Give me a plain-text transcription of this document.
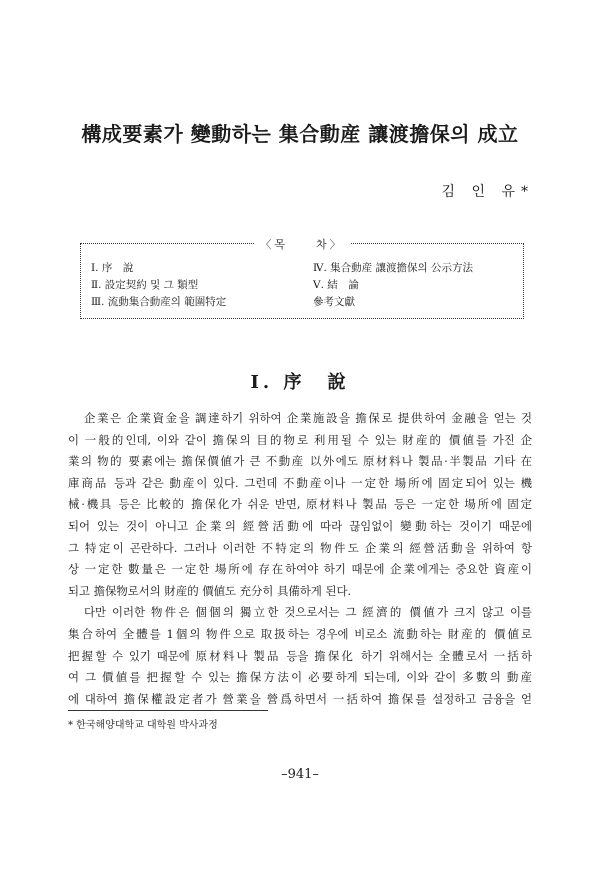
構成要素가 變動하는 集合動産 讓渡擔保의 成立
김 인 유*
〈목　　차〉
Ⅰ. 序　說
Ⅱ. 設定契約 및 그 類型
Ⅲ. 流動集合動産의 範圍特定
Ⅳ. 集合動産 讓渡擔保의 公示方法
Ⅴ. 結　論
參考文獻
Ⅰ. 序　說
企業은 企業資金을 調達하기 위하여 企業施設을 擔保로 提供하여 金融을 얻는 것
이 一般的인데, 이와 같이 擔保의 目的物로 利用될 수 있는 財産的 價値를 가진 企
業의 物的 要素에는 擔保價値가 큰 不動産 以外에도 原材料나 製品·半製品 기타 在
庫商品 등과 같은 動産이 있다. 그런데 不動産이나 一定한 場所에 固定되어 있는 機
械·機具 등은 比較的 擔保化가 쉬운 반면, 原材料나 製品 등은 一定한 場所에 固定
되어 있는 것이 아니고 企業의 經營活動에 따라 끊임없이 變動하는 것이기 때문에
그 特定이 곤란하다. 그러나 이러한 不特定의 物件도 企業의 經營活動을 위하여 항
상 一定한 數量은 一定한 場所에 存在하여야 하기 때문에 企業에게는 중요한 資産이
되고 擔保物로서의 財産的 價値도 充分히 具備하게 된다.
다만 이러한 物件은 個個의 獨立한 것으로서는 그 經濟的 價値가 크지 않고 이를
集合하여 全體를 1個의 物件으로 取扱하는 경우에 비로소 流動하는 財産的 價値로
把握할 수 있기 때문에 原材料나 製品 등을 擔保化 하기 위해서는 全體로서 一括하
여 그 價値를 把握할 수 있는 擔保方法이 必要하게 되는데, 이와 같이 多數의 動産
에 대하여 擔保權設定者가 營業을 營爲하면서 一括하여 擔保를 설정하고 금융을 얻
* 한국해양대학교 대학원 박사과정
–941–
